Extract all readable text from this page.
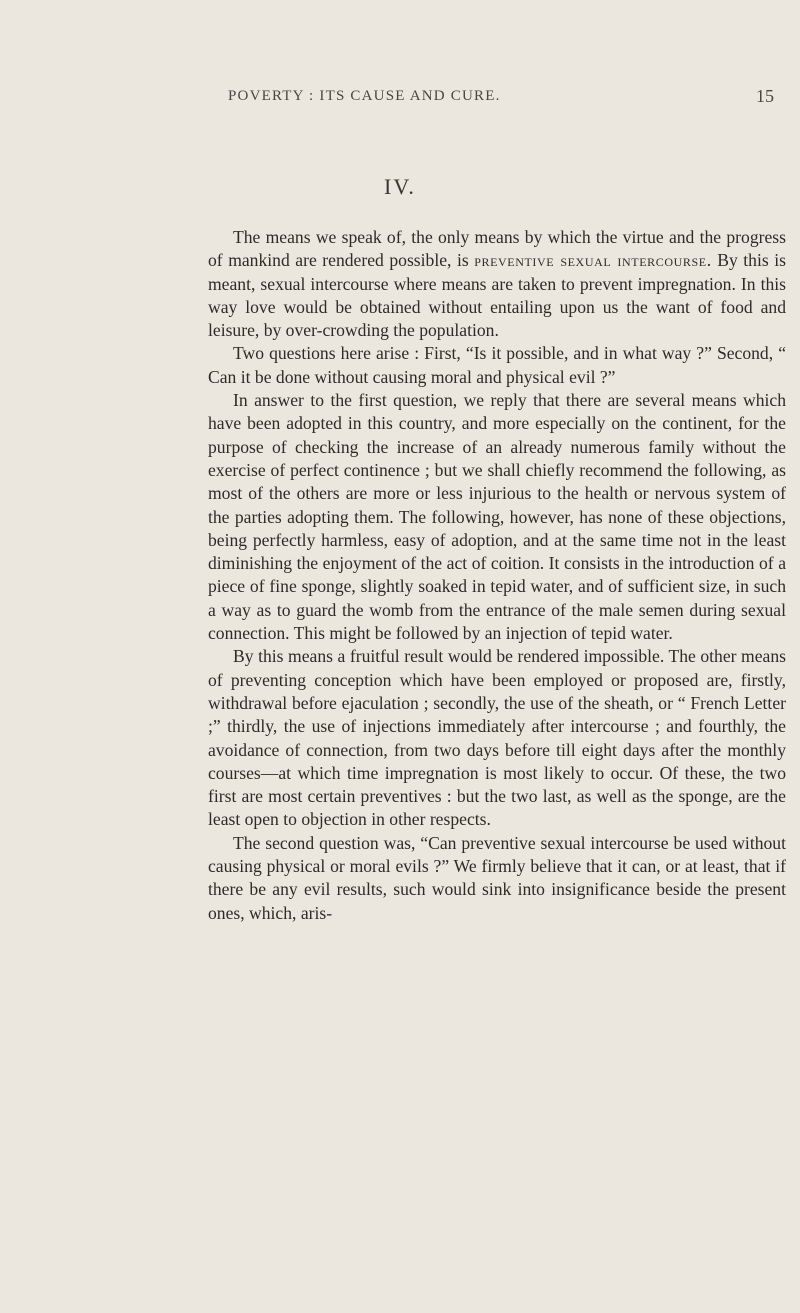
POVERTY : ITS CAUSE AND CURE.	15
IV.

The means we speak of, the only means by which the virtue and the progress of mankind are rendered possible, is preventive sexual intercourse. By this is meant, sexual intercourse where means are taken to prevent impregnation. In this way love would be obtained without entailing upon us the want of food and leisure, by over-crowding the population.

Two questions here arise : First, “Is it possible, and in what way ?” Second, “ Can it be done without causing moral and physical evil ?”

In answer to the first question, we reply that there are several means which have been adopted in this country, and more especially on the continent, for the purpose of checking the increase of an already numerous family without the exercise of perfect continence ; but we shall chiefly recommend the following, as most of the others are more or less injurious to the health or nervous system of the parties adopting them. The following, however, has none of these objections, being perfectly harmless, easy of adoption, and at the same time not in the least diminishing the enjoyment of the act of coition. It consists in the introduction of a piece of fine sponge, slightly soaked in tepid water, and of sufficient size, in such a way as to guard the womb from the entrance of the male semen during sexual connection. This might be followed by an injection of tepid water.

By this means a fruitful result would be rendered impossible. The other means of preventing conception which have been employed or proposed are, firstly, withdrawal before ejaculation ; secondly, the use of the sheath, or “ French Letter ;” thirdly, the use of injections immediately after intercourse ; and fourthly, the avoidance of connection, from two days before till eight days after the monthly courses—at which time impregnation is most likely to occur. Of these, the two first are most certain preventives : but the two last, as well as the sponge, are the least open to objection in other respects.

The second question was, “Can preventive sexual intercourse be used without causing physical or moral evils ?” We firmly believe that it can, or at least, that if there be any evil results, such would sink into insignificance beside the present ones, which, aris-
